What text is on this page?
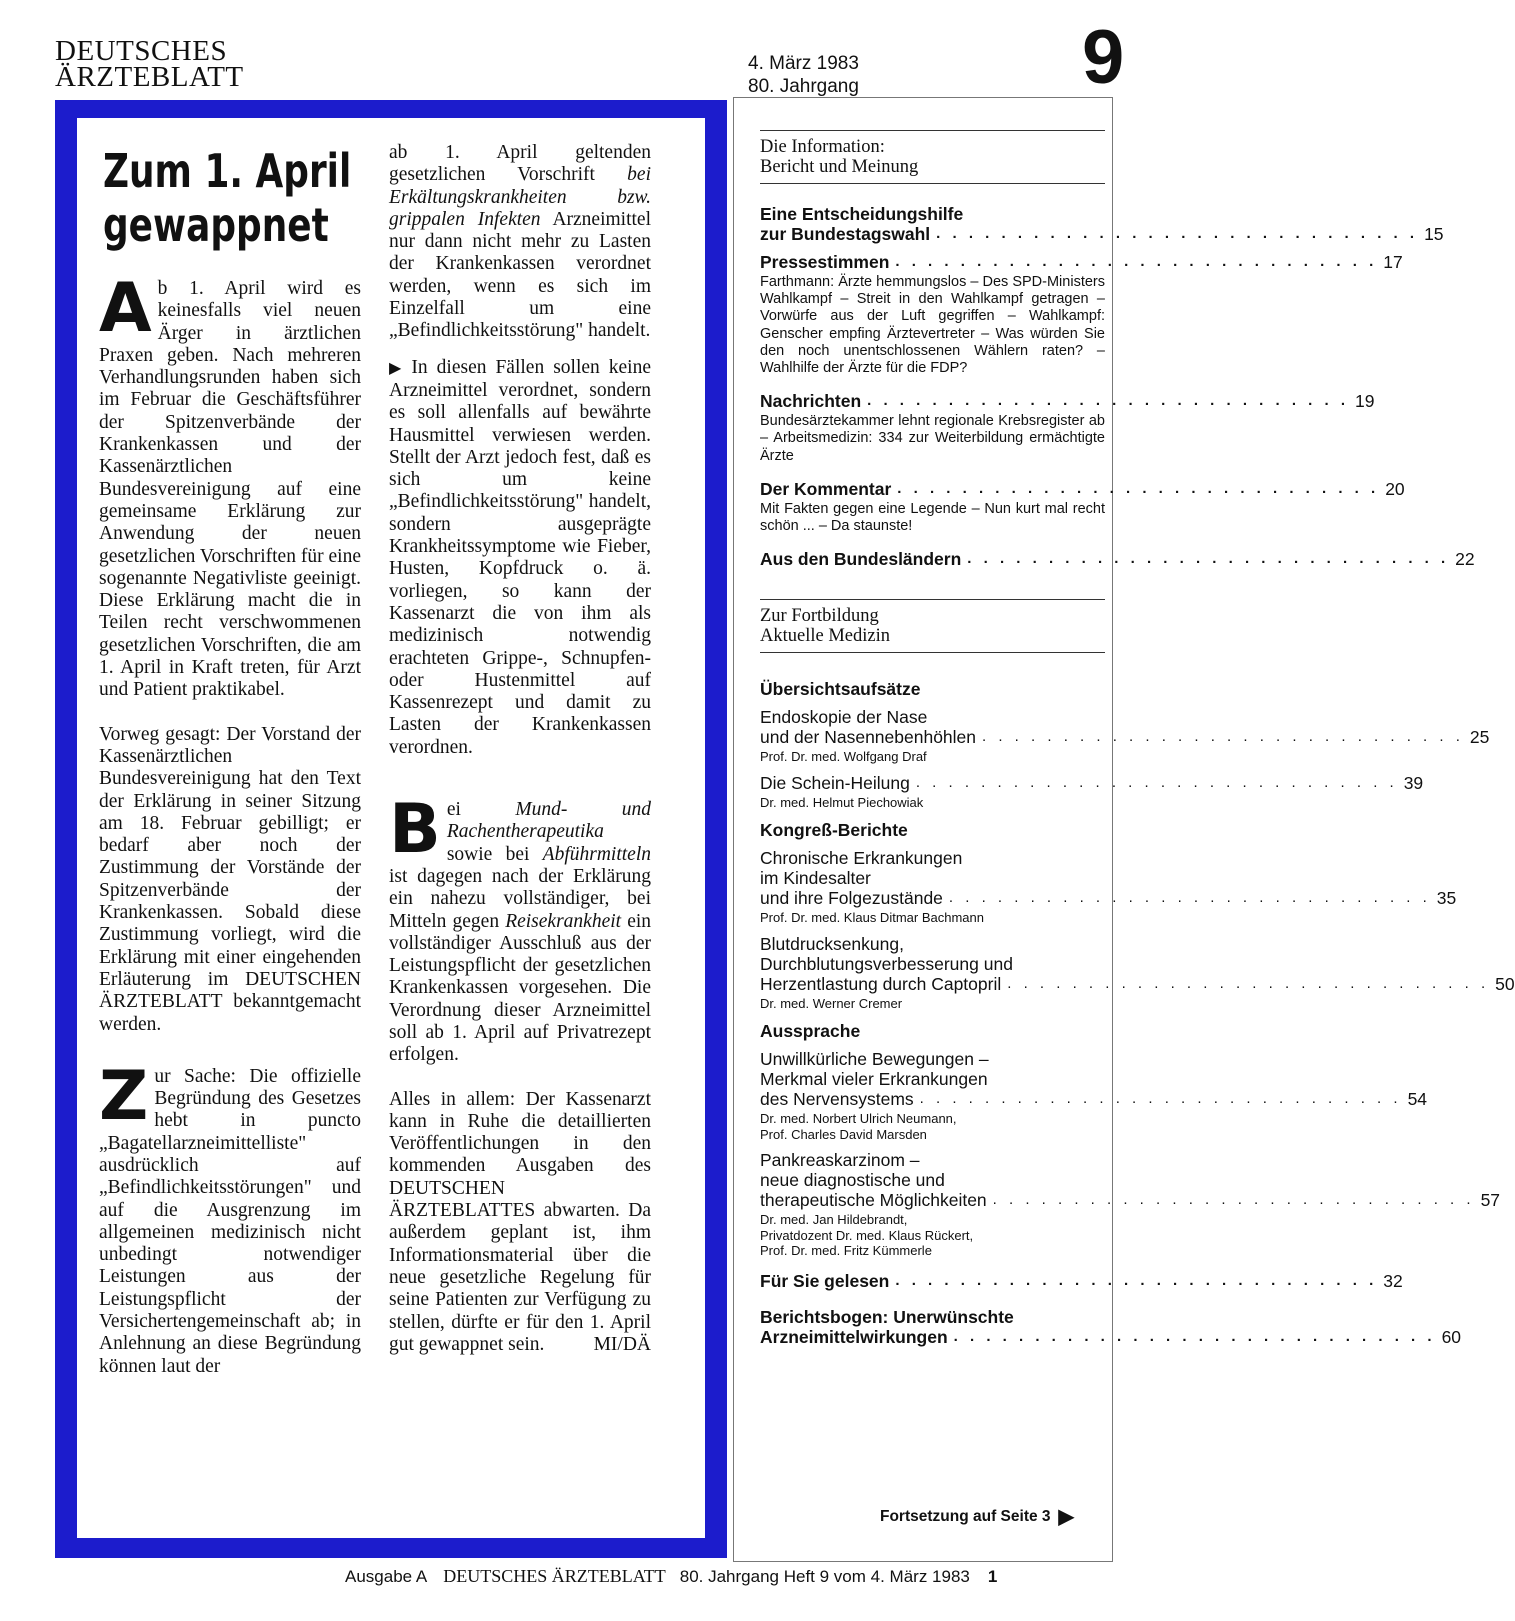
DEUTSCHES
ÄRZTEBLATT	4. März 1983
80. Jahrgang	9
Zum 1. April gewappnet

Ab 1. April wird es keinesfalls viel neuen Ärger in ärztlichen Praxen geben. Nach mehreren Verhandlungsrunden haben sich im Februar die Geschäftsführer der Spitzenverbände der Krankenkassen und der Kassenärztlichen Bundesvereinigung auf eine gemeinsame Erklärung zur Anwendung der neuen gesetzlichen Vorschriften für eine sogenannte Negativliste geeinigt. Diese Erklärung macht die in Teilen recht verschwommenen gesetzlichen Vorschriften, die am 1. April in Kraft treten, für Arzt und Patient praktikabel.

Vorweg gesagt: Der Vorstand der Kassenärztlichen Bundesvereinigung hat den Text der Erklärung in seiner Sitzung am 18. Februar gebilligt; er bedarf aber noch der Zustimmung der Vorstände der Spitzenverbände der Krankenkassen. Sobald diese Zustimmung vorliegt, wird die Erklärung mit einer eingehenden Erläuterung im DEUTSCHEN ÄRZTEBLATT bekanntgemacht werden.

Zur Sache: Die offizielle Begründung des Gesetzes hebt in puncto „Bagatellarzneimittelliste" ausdrücklich auf „Befindlichkeitsstörungen" und auf die Ausgrenzung im allgemeinen medizinisch nicht unbedingt notwendiger Leistungen aus der Leistungspflicht der Versichertengemeinschaft ab; in Anlehnung an diese Begründung können laut der

ab 1. April geltenden gesetzlichen Vorschrift bei Erkältungskrankheiten bzw. grippalen Infekten Arzneimittel nur dann nicht mehr zu Lasten der Krankenkassen verordnet werden, wenn es sich im Einzelfall um eine „Befindlichkeitsstörung" handelt.

▶ In diesen Fällen sollen keine Arzneimittel verordnet, sondern es soll allenfalls auf bewährte Hausmittel verwiesen werden. Stellt der Arzt jedoch fest, daß es sich um keine „Befindlichkeitsstörung" handelt, sondern ausgeprägte Krankheitssymptome wie Fieber, Husten, Kopfdruck o. ä. vorliegen, so kann der Kassenarzt die von ihm als medizinisch notwendig erachteten Grippe-, Schnupfen- oder Hustenmittel auf Kassenrezept und damit zu Lasten der Krankenkassen verordnen.

Bei	Mund- und Rachentherapeutika sowie bei Abführmitteln ist dagegen nach der Erklärung ein nahezu vollständiger, bei Mitteln gegen Reisekrankheit ein vollständiger Ausschluß aus der Leistungspflicht der gesetzlichen Krankenkassen vorgesehen. Die Verordnung dieser Arzneimittel soll ab 1. April auf Privatrezept erfolgen.

Alles in allem: Der Kassenarzt kann in Ruhe die detaillierten Veröffentlichungen in den kommenden Ausgaben des DEUTSCHEN ÄRZTEBLATTES abwarten. Da außerdem geplant ist, ihm Informationsmaterial über die neue gesetzliche Regelung für seine Patienten zur Verfügung zu stellen, dürfte er für den 1. April gut gewappnet sein.	MI/DÄ

Die Information:
Bericht und Meinung
Eine Entscheidungshilfe
zur Bundestagswahl . . . . . . . . . . . . . . . . . . . . . . . . . . . . . . 15
Pressestimmen . . . . . . . . . . . . . . . . . . . . . . . . . . . . . . 17
Farthmann: Ärzte hemmungslos – Des SPD-Ministers Wahlkampf – Streit in den Wahlkampf getragen – Vorwürfe aus der Luft gegriffen – Wahlkampf: Genscher empfing Ärztevertreter – Was würden Sie den noch unentschlossenen Wählern raten? – Wahlhilfe der Ärzte für die FDP?
Nachrichten . . . . . . . . . . . . . . . . . . . . . . . . . . . . . . 19
Bundesärztekammer lehnt regionale Krebsregister ab – Arbeitsmedizin: 334 zur Weiterbildung ermächtigte Ärzte
Der Kommentar . . . . . . . . . . . . . . . . . . . . . . . . . . . . . . 20
Mit Fakten gegen eine Legende – Nun kurt mal recht schön ... – Da staunste!
Aus den Bundesländern . . . . . . . . . . . . . . . . . . . . . . . . . . . . . . 22
Zur Fortbildung
Aktuelle Medizin
Übersichtsaufsätze
Endoskopie der Nase
und der Nasennebenhöhlen . . . . . . . . . . . . . . . . . . . . . . . . . . . . . . 25
Prof. Dr. med. Wolfgang Draf
Die Schein-Heilung . . . . . . . . . . . . . . . . . . . . . . . . . . . . . . 39
Dr. med. Helmut Piechowiak
Kongreß-Berichte
Chronische Erkrankungen
im Kindesalter
und ihre Folgezustände . . . . . . . . . . . . . . . . . . . . . . . . . . . . . . 35
Prof. Dr. med. Klaus Ditmar Bachmann
Blutdrucksenkung,
Durchblutungsverbesserung und
Herzentlastung durch Captopril . . . . . . . . . . . . . . . . . . . . . . . . . . . . . . 50
Dr. med. Werner Cremer
Aussprache
Unwillkürliche Bewegungen –
Merkmal vieler Erkrankungen
des Nervensystems . . . . . . . . . . . . . . . . . . . . . . . . . . . . . . 54
Dr. med. Norbert Ulrich Neumann,
Prof. Charles David Marsden
Pankreaskarzinom –
neue diagnostische und
therapeutische Möglichkeiten . . . . . . . . . . . . . . . . . . . . . . . . . . . . . . 57
Dr. med. Jan Hildebrandt,
Privatdozent Dr. med. Klaus Rückert,
Prof. Dr. med. Fritz Kümmerle
Für Sie gelesen . . . . . . . . . . . . . . . . . . . . . . . . . . . . . . 32
Berichtsbogen: Unerwünschte
Arzneimittelwirkungen . . . . . . . . . . . . . . . . . . . . . . . . . . . . . . 60
Fortsetzung auf Seite 3 ▶
Ausgabe A DEUTSCHES ÄRZTEBLATT 80. Jahrgang Heft 9 vom 4. März 1983 1
